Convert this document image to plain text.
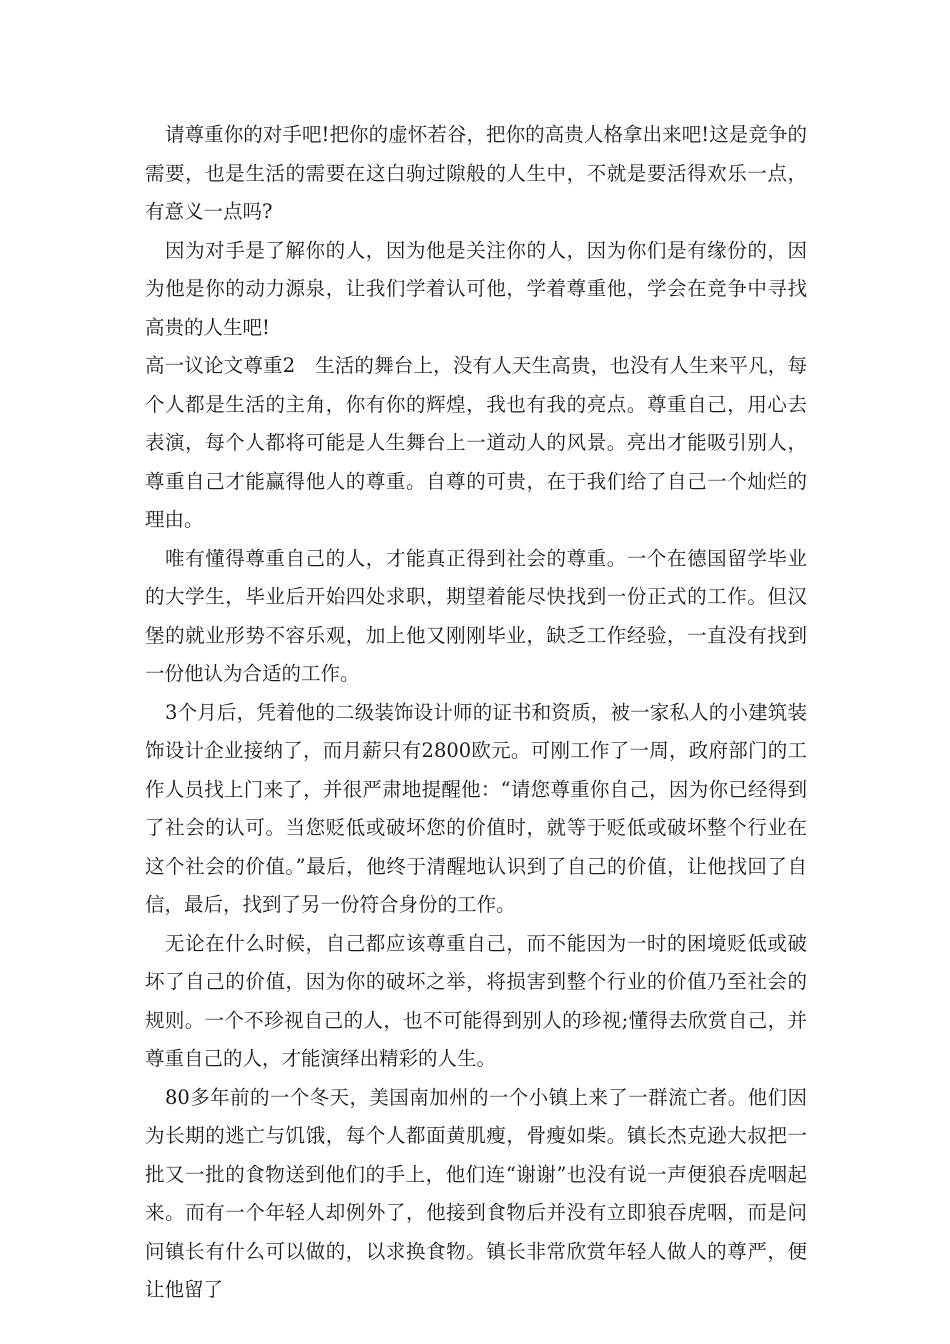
请尊重你的对手吧!把你的虚怀若谷，把你的高贵人格拿出来吧!这是竞争的需要，也是生活的需要在这白驹过隙般的人生中，不就是要活得欢乐一点，有意义一点吗?

因为对手是了解你的人，因为他是关注你的人，因为你们是有缘份的，因为他是你的动力源泉，让我们学着认可他，学着尊重他，学会在竞争中寻找高贵的人生吧!

高一议论文尊重2　生活的舞台上，没有人天生高贵，也没有人生来平凡，每个人都是生活的主角，你有你的辉煌，我也有我的亮点。尊重自己，用心去表演，每个人都将可能是人生舞台上一道动人的风景。亮出才能吸引别人，尊重自己才能赢得他人的尊重。自尊的可贵，在于我们给了自己一个灿烂的理由。

唯有懂得尊重自己的人，才能真正得到社会的尊重。一个在德国留学毕业的大学生，毕业后开始四处求职，期望着能尽快找到一份正式的工作。但汉堡的就业形势不容乐观，加上他又刚刚毕业，缺乏工作经验，一直没有找到一份他认为合适的工作。

3个月后，凭着他的二级装饰设计师的证书和资质，被一家私人的小建筑装饰设计企业接纳了，而月薪只有2800欧元。可刚工作了一周，政府部门的工作人员找上门来了，并很严肃地提醒他：“请您尊重你自己，因为你已经得到了社会的认可。当您贬低或破坏您的价值时，就等于贬低或破坏整个行业在这个社会的价值。”最后，他终于清醒地认识到了自己的价值，让他找回了自信，最后，找到了另一份符合身份的工作。

无论在什么时候，自己都应该尊重自己，而不能因为一时的困境贬低或破坏了自己的价值，因为你的破坏之举，将损害到整个行业的价值乃至社会的规则。一个不珍视自己的人，也不可能得到别人的珍视;懂得去欣赏自己，并尊重自己的人，才能演绎出精彩的人生。

80多年前的一个冬天，美国南加州的一个小镇上来了一群流亡者。他们因为长期的逃亡与饥饿，每个人都面黄肌瘦，骨瘦如柴。镇长杰克逊大叔把一批又一批的食物送到他们的手上，他们连“谢谢”也没有说一声便狼吞虎咽起来。而有一个年轻人却例外了，他接到食物后并没有立即狼吞虎咽，而是问问镇长有什么可以做的，以求换食物。镇长非常欣赏年轻人做人的尊严，便让他留了
